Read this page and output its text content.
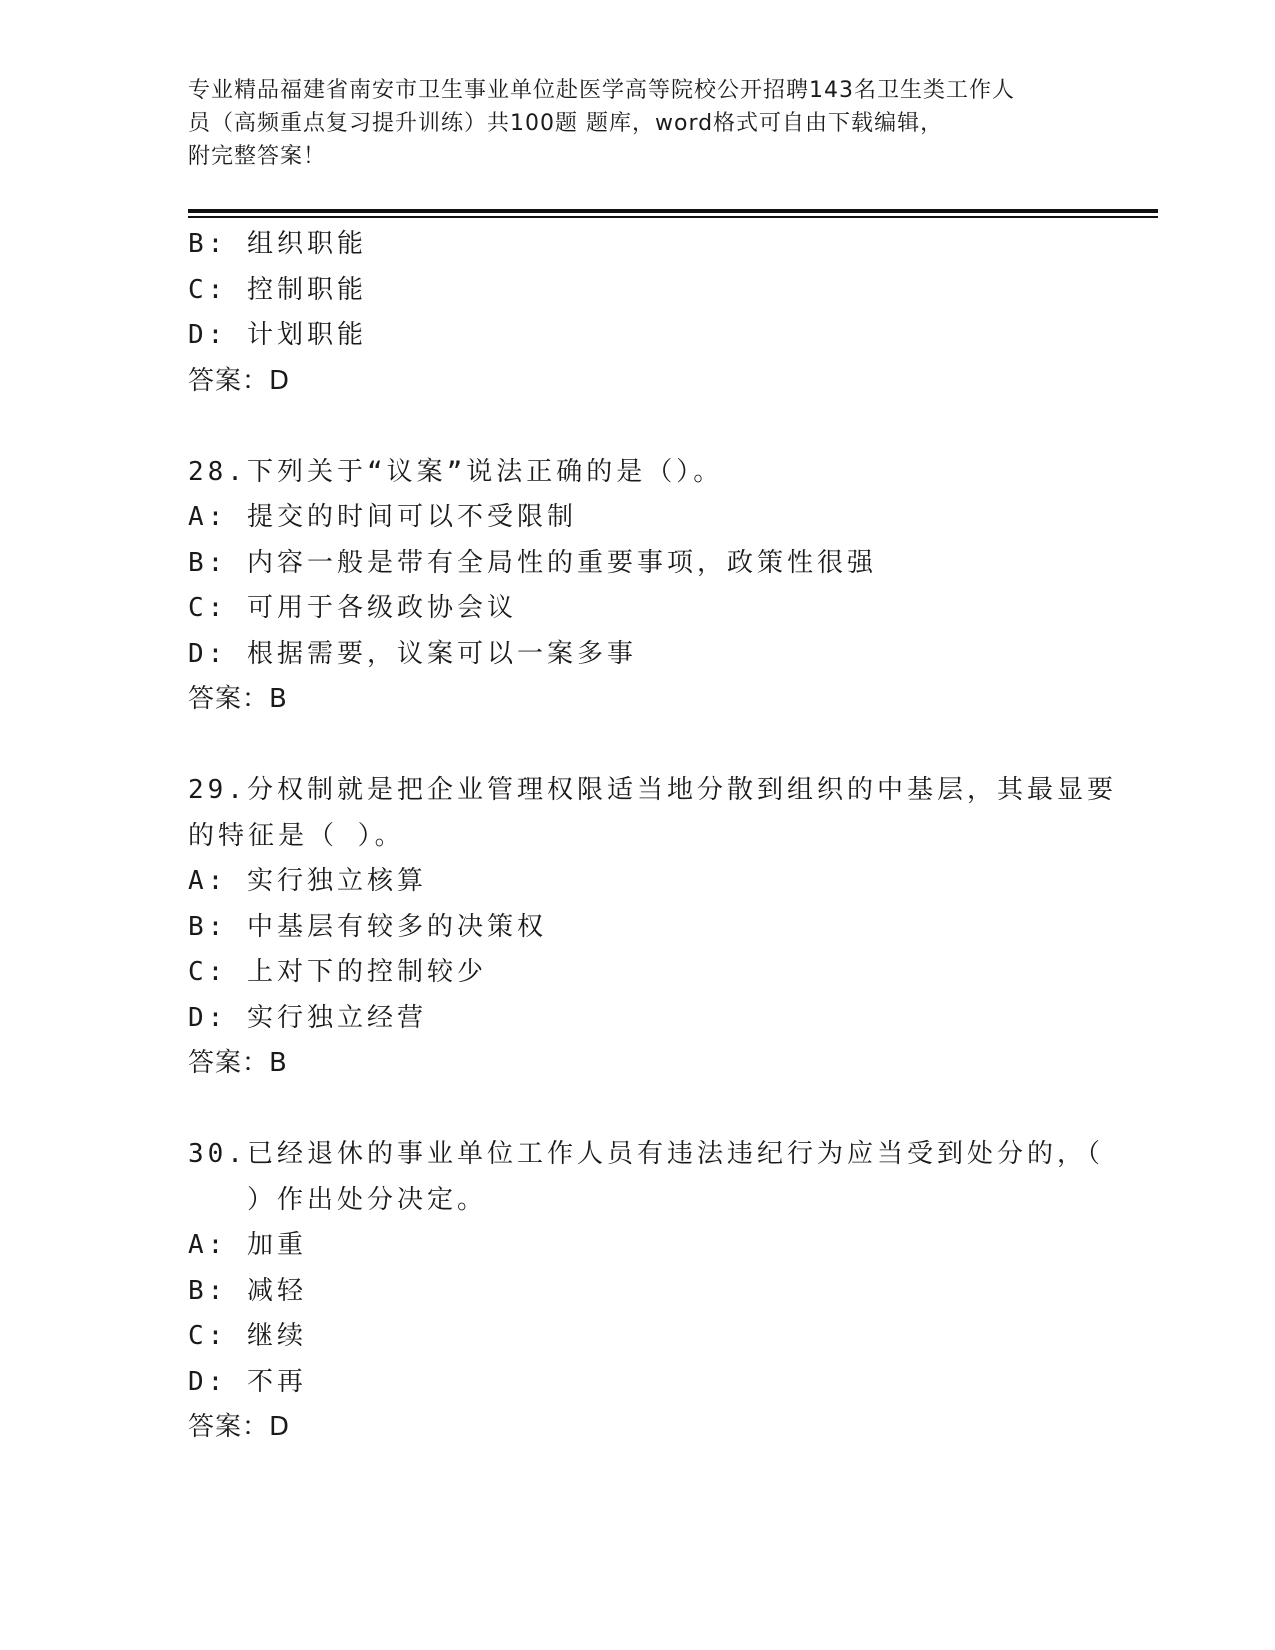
专业精品福建省南安市卫生事业单位赴医学高等院校公开招聘143名卫生类工作人
员（高频重点复习提升训练）共100题 题库，word格式可自由下载编辑，
附完整答案！
B: 组织职能
C: 控制职能
D: 计划职能
答案：D
28.下列关于“议案”说法正确的是（）。
A: 提交的时间可以不受限制
B: 内容一般是带有全局性的重要事项，政策性很强
C: 可用于各级政协会议
D: 根据需要，议案可以一案多事
答案：B
29.分权制就是把企业管理权限适当地分散到组织的中基层，其最显要
的特征是（ ）。
A: 实行独立核算
B: 中基层有较多的决策权
C: 上对下的控制较少
D: 实行独立经营
答案：B
30.已经退休的事业单位工作人员有违法违纪行为应当受到处分的，（
）作出处分决定。
A: 加重
B: 减轻
C: 继续
D: 不再
答案：D
